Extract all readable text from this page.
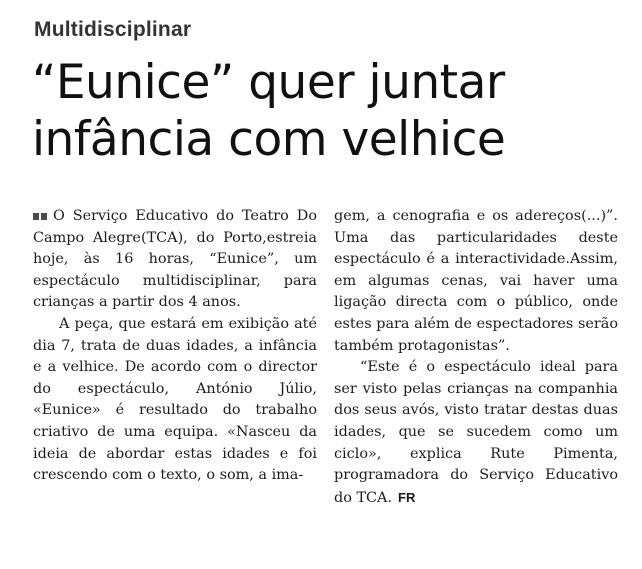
Multidisciplinar
“Eunice” quer juntar
infância com velhice

O Serviço Educativo do Teatro Do Campo Alegre(TCA), do Porto,estreia hoje, às 16 horas, “Eunice”, um espectáculo multidisciplinar, para crianças a partir dos 4 anos.

A peça, que estará em exibição até dia 7, trata de duas idades, a infância e a velhice. De acordo com o director do espectáculo, António Júlio, «Eunice» é resultado do trabalho criativo de uma equipa. «Nasceu da ideia de abordar estas idades e foi crescendo com o texto, o som, a ima-

gem, a cenografia e os adereços(...)”. Uma das particularidades deste espectáculo é a interactividade.Assim, em algumas cenas, vai haver uma ligação directa com o público, onde estes para além de espectadores serão também protagonistas”.

“Este é o espectáculo ideal para ser visto pelas crianças na companhia dos seus avós, visto tratar destas duas idades, que se sucedem como um ciclo», explica Rute Pimenta, programadora do Serviço Educativo do TCA. FR
